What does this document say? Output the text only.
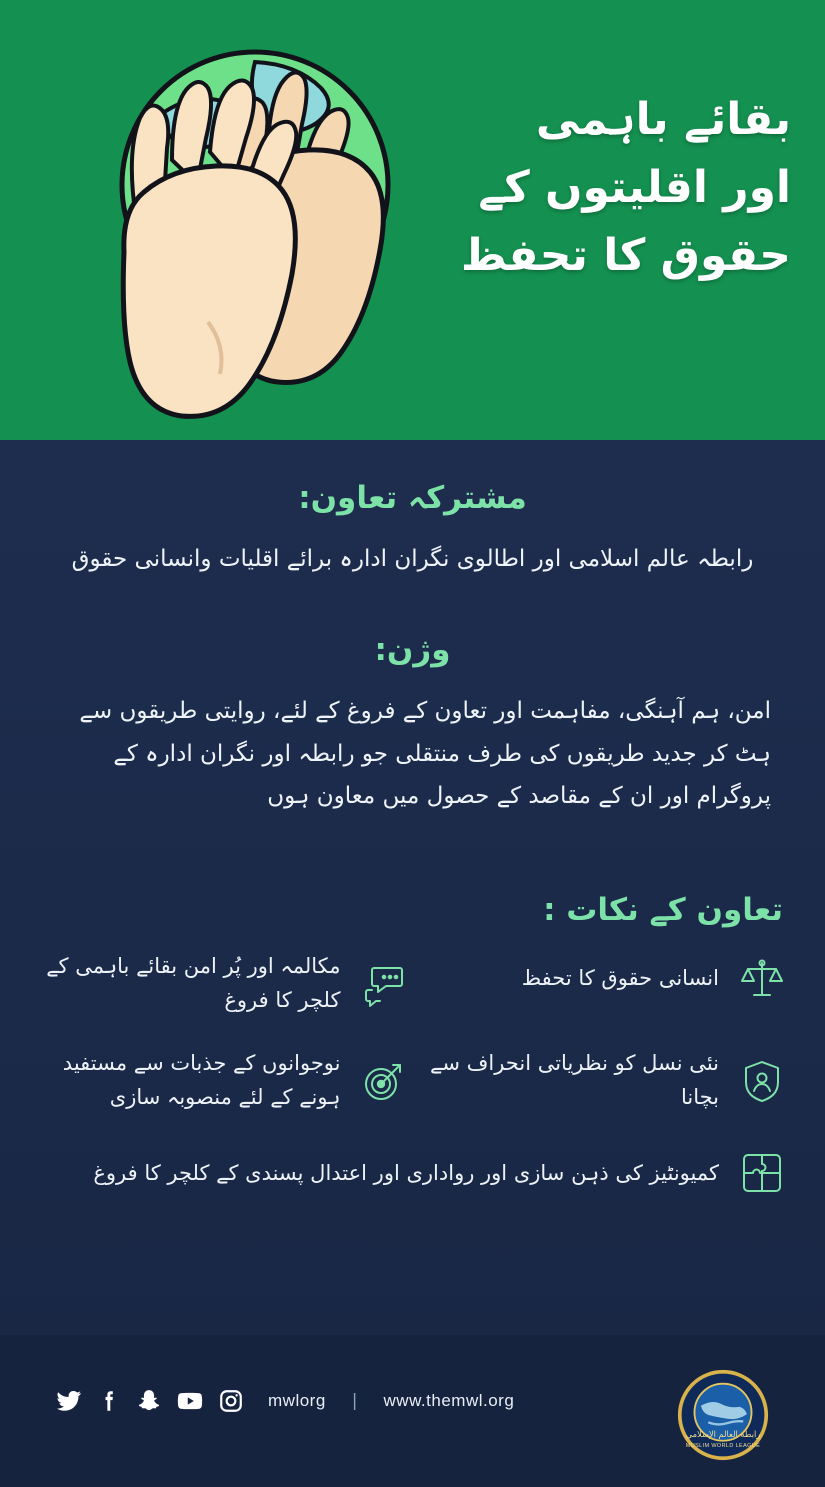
بقائے باہمی
اور اقلیتوں کے
حقوق کا تحفظ
مشترکہ تعاون:
رابطہ عالم اسلامی اور اطالوی نگران ادارہ برائے اقلیات وانسانی حقوق
وژن:
امن، ہم آہنگی، مفاہمت اور تعاون کے فروغ کے لئے، روایتی طریقوں سے ہٹ کر جدید طریقوں کی طرف منتقلی جو رابطہ اور نگران ادارہ کے پروگرام اور ان کے مقاصد کے حصول میں معاون ہوں
تعاون کے نکات :
انسانی حقوق کا تحفظ
مکالمہ اور پُر امن بقائے باہمی کے کلچر کا فروغ
نئی نسل کو نظریاتی انحراف سے بچانا
نوجوانوں کے جذبات سے مستفید ہونے کے لئے منصوبہ سازی
کمیونٹیز کی ذہن سازی اور رواداری اور اعتدال پسندی کے کلچر کا فروغ
mwlorg | www.themwl.org
رابطة العالم الإسلامي
MUSLIM WORLD LEAGUE
